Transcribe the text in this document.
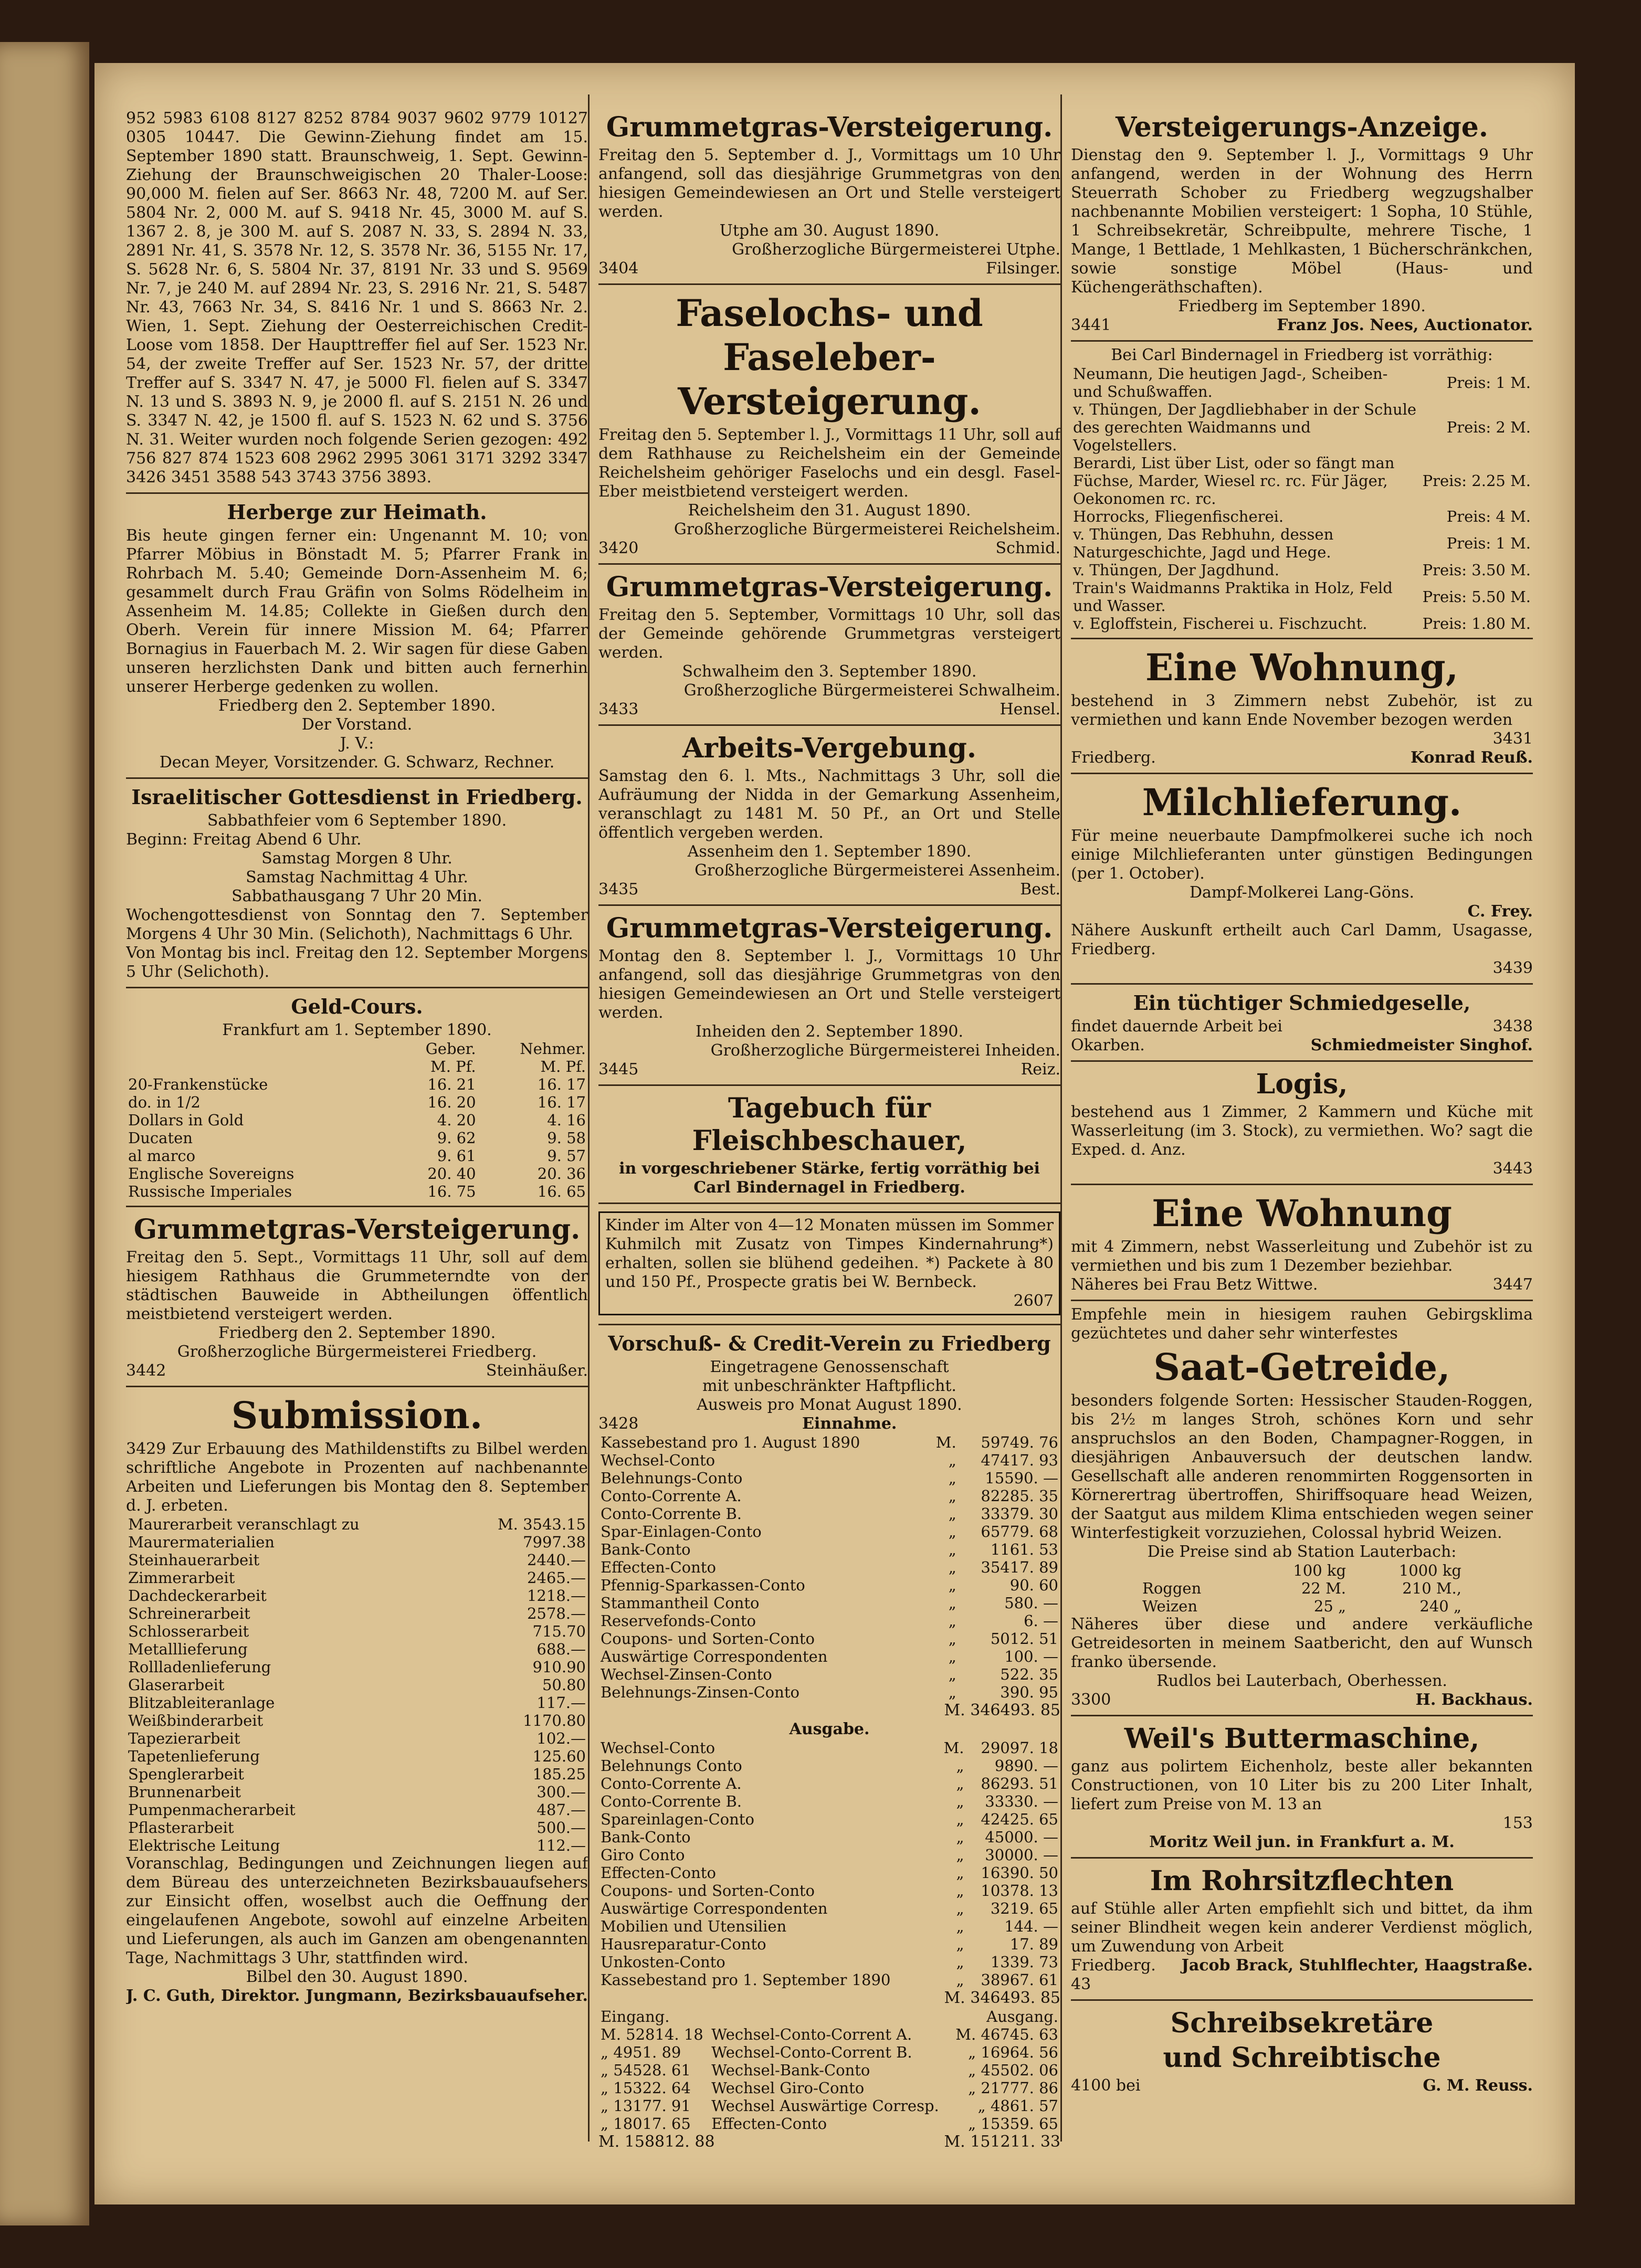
952 5983 6108 8127 8252 8784 9037 9602 9779 10127 0305 10447. Die Gewinn-Ziehung findet am 15. September 1890 statt. Braunschweig, 1. Sept. Gewinn-Ziehung der Braunschweigischen 20 Thaler-Loose: 90,000 M. fielen auf Ser. 8663 Nr. 48, 7200 M. auf Ser. 5804 Nr. 2, 000 M. auf S. 9418 Nr. 45, 3000 M. auf S. 1367 2. 8, je 300 M. auf S. 2087 N. 33, S. 2894 N. 33, 2891 Nr. 41, S. 3578 Nr. 12, S. 3578 Nr. 36, 5155 Nr. 17, S. 5628 Nr. 6, S. 5804 Nr. 37, 8191 Nr. 33 und S. 9569 Nr. 7, je 240 M. auf 2894 Nr. 23, S. 2916 Nr. 21, S. 5487 Nr. 43, 7663 Nr. 34, S. 8416 Nr. 1 und S. 8663 Nr. 2. Wien, 1. Sept. Ziehung der Oesterreichischen Credit-Loose vom 1858. Der Haupttreffer fiel auf Ser. 1523 Nr. 54, der zweite Treffer auf Ser. 1523 Nr. 57, der dritte Treffer auf S. 3347 N. 47, je 5000 Fl. fielen auf S. 3347 N. 13 und S. 3893 N. 9, je 2000 fl. auf S. 2151 N. 26 und S. 3347 N. 42, je 1500 fl. auf S. 1523 N. 62 und S. 3756 N. 31. Weiter wurden noch folgende Serien gezogen: 492 756 827 874 1523 608 2962 2995 3061 3171 3292 3347 3426 3451 3588 543 3743 3756 3893.

Herberge zur Heimath.

Bis heute gingen ferner ein: Ungenannt M. 10; von Pfarrer Möbius in Bönstadt M. 5; Pfarrer Frank in Rohrbach M. 5.40; Gemeinde Dorn-Assenheim M. 6; gesammelt durch Frau Gräfin von Solms Rödelheim in Assenheim M. 14.85; Collekte in Gießen durch den Oberh. Verein für innere Mission M. 64; Pfarrer Bornagius in Fauerbach M. 2. Wir sagen für diese Gaben unseren herzlichsten Dank und bitten auch fernerhin unserer Herberge gedenken zu wollen.

Friedberg den 2. September 1890.

Der Vorstand.

J. V.:

Decan Meyer, Vorsitzender. G. Schwarz, Rechner.

Israelitischer Gottesdienst in Friedberg.

Sabbathfeier vom 6 September 1890.

Beginn: Freitag Abend 6 Uhr.

Samstag Morgen 8 Uhr.

Samstag Nachmittag 4 Uhr.

Sabbathausgang 7 Uhr 20 Min.

Wochengottesdienst von Sonntag den 7. September Morgens 4 Uhr 30 Min. (Selichoth), Nachmittags 6 Uhr.

Von Montag bis incl. Freitag den 12. September Morgens 5 Uhr (Selichoth).

Geld-Cours.

Frankfurt am 1. September 1890.

	Geber.	Nehmer.
	M. Pf.	M. Pf.
20-Frankenstücke	16. 21	16. 17
do. in 1/2	16. 20	16. 17
Dollars in Gold	4. 20	4. 16
Ducaten	9. 62	9. 58
al marco	9. 61	9. 57
Englische Sovereigns	20. 40	20. 36
Russische Imperiales	16. 75	16. 65
Grummetgras-Versteigerung.

Freitag den 5. Sept., Vormittags 11 Uhr, soll auf dem hiesigem Rathhaus die Grummeterndte von der städtischen Bauweide in Abtheilungen öffentlich meistbietend versteigert werden.

Friedberg den 2. September 1890.

Großherzogliche Bürgermeisterei Friedberg.

3442	Steinhäußer.
Submission.

3429 Zur Erbauung des Mathildenstifts zu Bilbel werden schriftliche Angebote in Prozenten auf nachbenannte Arbeiten und Lieferungen bis Montag den 8. September d. J. erbeten.

Maurerarbeit veranschlagt zu	M. 3543.15
Maurermaterialien	7997.38
Steinhauerarbeit	2440.—
Zimmerarbeit	2465.—
Dachdeckerarbeit	1218.—
Schreinerarbeit	2578.—
Schlosserarbeit	715.70
Metalllieferung	688.—
Rollladenlieferung	910.90
Glaserarbeit	50.80
Blitzableiteranlage	117.—
Weißbinderarbeit	1170.80
Tapezierarbeit	102.—
Tapetenlieferung	125.60
Spenglerarbeit	185.25
Brunnenarbeit	300.—
Pumpenmacherarbeit	487.—
Pflasterarbeit	500.—
Elektrische Leitung	112.—

Voranschlag, Bedingungen und Zeichnungen liegen auf dem Büreau des unterzeichneten Bezirksbauaufsehers zur Einsicht offen, woselbst auch die Oeffnung der eingelaufenen Angebote, sowohl auf einzelne Arbeiten und Lieferungen, als auch im Ganzen am obengenannten Tage, Nachmittags 3 Uhr, stattfinden wird.

Bilbel den 30. August 1890.

J. C. Guth, Direktor. Jungmann, Bezirksbauaufseher.
Grummetgras-Versteigerung.

Freitag den 5. September d. J., Vormittags um 10 Uhr anfangend, soll das diesjährige Grummetgras von den hiesigen Gemeindewiesen an Ort und Stelle versteigert werden.

Utphe am 30. August 1890.

Großherzogliche Bürgermeisterei Utphe.

3404	Filsinger.
Faselochs- und Faseleber-Versteigerung.

Freitag den 5. September l. J., Vormittags 11 Uhr, soll auf dem Rathhause zu Reichelsheim ein der Gemeinde Reichelsheim gehöriger Faselochs und ein desgl. Fasel-Eber meistbietend versteigert werden.

Reichelsheim den 31. August 1890.

Großherzogliche Bürgermeisterei Reichelsheim.

3420	Schmid.
Grummetgras-Versteigerung.

Freitag den 5. September, Vormittags 10 Uhr, soll das der Gemeinde gehörende Grummetgras versteigert werden.

Schwalheim den 3. September 1890.

Großherzogliche Bürgermeisterei Schwalheim.

3433	Hensel.
Arbeits-Vergebung.

Samstag den 6. l. Mts., Nachmittags 3 Uhr, soll die Aufräumung der Nidda in der Gemarkung Assenheim, veranschlagt zu 1481 M. 50 Pf., an Ort und Stelle öffentlich vergeben werden.

Assenheim den 1. September 1890.

Großherzogliche Bürgermeisterei Assenheim.

3435	Best.
Grummetgras-Versteigerung.

Montag den 8. September l. J., Vormittags 10 Uhr anfangend, soll das diesjährige Grummetgras von den hiesigen Gemeindewiesen an Ort und Stelle versteigert werden.

Inheiden den 2. September 1890.

Großherzogliche Bürgermeisterei Inheiden.

3445	Reiz.
Tagebuch für Fleischbeschauer,

in vorgeschriebener Stärke, fertig vorräthig bei Carl Bindernagel in Friedberg.

Kinder im Alter von 4—12 Monaten müssen im Sommer Kuhmilch mit Zusatz von Timpes Kindernahrung*) erhalten, sollen sie blühend gedeihen. *) Packete à 80 und 150 Pf., Prospecte gratis bei W. Bernbeck.

2607

Vorschuß- & Credit-Verein zu Friedberg

Eingetragene Genossenschaft

mit unbeschränkter Haftpflicht.

Ausweis pro Monat August 1890.

3428	Einnahme.
Kassebestand pro 1. August 1890	M.	59749. 76
Wechsel-Conto	„	47417. 93
Belehnungs-Conto	„	15590. —
Conto-Corrente A.	„	82285. 35
Conto-Corrente B.	„	33379. 30
Spar-Einlagen-Conto	„	65779. 68
Bank-Conto	„	1161. 53
Effecten-Conto	„	35417. 89
Pfennig-Sparkassen-Conto	„	90. 60
Stammantheil Conto	„	580. —
Reservefonds-Conto	„	6. —
Coupons- und Sorten-Conto	„	5012. 51
Auswärtige Correspondenten	„	100. —
Wechsel-Zinsen-Conto	„	522. 35
Belehnungs-Zinsen-Conto	„	390. 95

M. 346493. 85

Ausgabe.

Wechsel-Conto	M.	29097. 18
Belehnungs Conto	„	9890. —
Conto-Corrente A.	„	86293. 51
Conto-Corrente B.	„	33330. —
Spareinlagen-Conto	„	42425. 65
Bank-Conto	„	45000. —
Giro Conto	„	30000. —
Effecten-Conto	„	16390. 50
Coupons- und Sorten-Conto	„	10378. 13
Auswärtige Correspondenten	„	3219. 65
Mobilien und Utensilien	„	144. —
Hausreparatur-Conto	„	17. 89
Unkosten-Conto	„	1339. 73
Kassebestand pro 1. September 1890	„	38967. 61

M. 346493. 85

Eingang.		Ausgang.
M. 52814. 18	Wechsel-Conto-Corrent A.	M. 46745. 63
„ 4951. 89	Wechsel-Conto-Corrent B.	„ 16964. 56
„ 54528. 61	Wechsel-Bank-Conto	„ 45502. 06
„ 15322. 64	Wechsel Giro-Conto	„ 21777. 86
„ 13177. 91	Wechsel Auswärtige Corresp.	„ 4861. 57
„ 18017. 65	Effecten-Conto	„ 15359. 65
M. 158812. 88	M. 151211. 33
Versteigerungs-Anzeige.

Dienstag den 9. September l. J., Vormittags 9 Uhr anfangend, werden in der Wohnung des Herrn Steuerrath Schober zu Friedberg wegzugshalber nachbenannte Mobilien versteigert: 1 Sopha, 10 Stühle, 1 Schreibsekretär, Schreibpulte, mehrere Tische, 1 Mange, 1 Bettlade, 1 Mehlkasten, 1 Bücherschränkchen, sowie sonstige Möbel (Haus- und Küchengeräthschaften).

Friedberg im September 1890.

3441	Franz Jos. Nees, Auctionator.

Bei Carl Bindernagel in Friedberg ist vorräthig:

Neumann, Die heutigen Jagd-, Scheiben- und Schußwaffen.	Preis: 1 M.
v. Thüngen, Der Jagdliebhaber in der Schule des gerechten Waidmanns und Vogelstellers.	Preis: 2 M.
Berardi, List über List, oder so fängt man Füchse, Marder, Wiesel rc. rc. Für Jäger, Oekonomen rc. rc.	Preis: 2.25 M.
Horrocks, Fliegenfischerei.	Preis: 4 M.
v. Thüngen, Das Rebhuhn, dessen Naturgeschichte, Jagd und Hege.	Preis: 1 M.
v. Thüngen, Der Jagdhund.	Preis: 3.50 M.
Train's Waidmanns Praktika in Holz, Feld und Wasser.	Preis: 5.50 M.
v. Egloffstein, Fischerei u. Fischzucht.	Preis: 1.80 M.
Eine Wohnung,

bestehend in 3 Zimmern nebst Zubehör, ist zu vermiethen und kann Ende November bezogen werden

3431

Friedberg.	Konrad Reuß.
Milchlieferung.

Für meine neuerbaute Dampfmolkerei suche ich noch einige Milchlieferanten unter günstigen Bedingungen (per 1. October).

Dampf-Molkerei Lang-Göns.

C. Frey.

Nähere Auskunft ertheilt auch Carl Damm, Usagasse, Friedberg.

3439

Ein tüchtiger Schmiedgeselle,
findet dauernde Arbeit bei	3438
Okarben.	Schmiedmeister Singhof.
Logis,

bestehend aus 1 Zimmer, 2 Kammern und Küche mit Wasserleitung (im 3. Stock), zu vermiethen. Wo? sagt die Exped. d. Anz.

3443

Eine Wohnung

mit 4 Zimmern, nebst Wasserleitung und Zubehör ist zu vermiethen und bis zum 1 Dezember beziehbar.

Näheres bei Frau Betz Wittwe.	3447

Empfehle mein in hiesigem rauhen Gebirgsklima gezüchtetes und daher sehr winterfestes

Saat-Getreide,

besonders folgende Sorten: Hessischer Stauden-Roggen, bis 2½ m langes Stroh, schönes Korn und sehr anspruchslos an den Boden, Champagner-Roggen, in diesjährigen Anbauversuch der deutschen landw. Gesellschaft alle anderen renommirten Roggensorten in Körnerertrag übertroffen, Shiriffsoquare head Weizen, der Saatgut aus mildem Klima entschieden wegen seiner Winterfestigkeit vorzuziehen, Colossal hybrid Weizen.

Die Preise sind ab Station Lauterbach:

	100 kg	1000 kg
Roggen	22 M.	210 M.,
Weizen	25 „	240 „

Näheres über diese und andere verkäufliche Getreidesorten in meinem Saatbericht, den auf Wunsch franko übersende.

Rudlos bei Lauterbach, Oberhessen.

3300	H. Backhaus.
Weil's Buttermaschine,

ganz aus polirtem Eichenholz, beste aller bekannten Constructionen, von 10 Liter bis zu 200 Liter Inhalt, liefert zum Preise von M. 13 an

153

Moritz Weil jun. in Frankfurt a. M.

Im Rohrsitzflechten

auf Stühle aller Arten empfiehlt sich und bittet, da ihm seiner Blindheit wegen kein anderer Verdienst möglich, um Zuwendung von Arbeit

Friedberg. Jacob Brack, Stuhlflechter, Haagstraße.

43

Schreibsekretäre
und Schreibtische
4100 bei	G. M. Reuss.
